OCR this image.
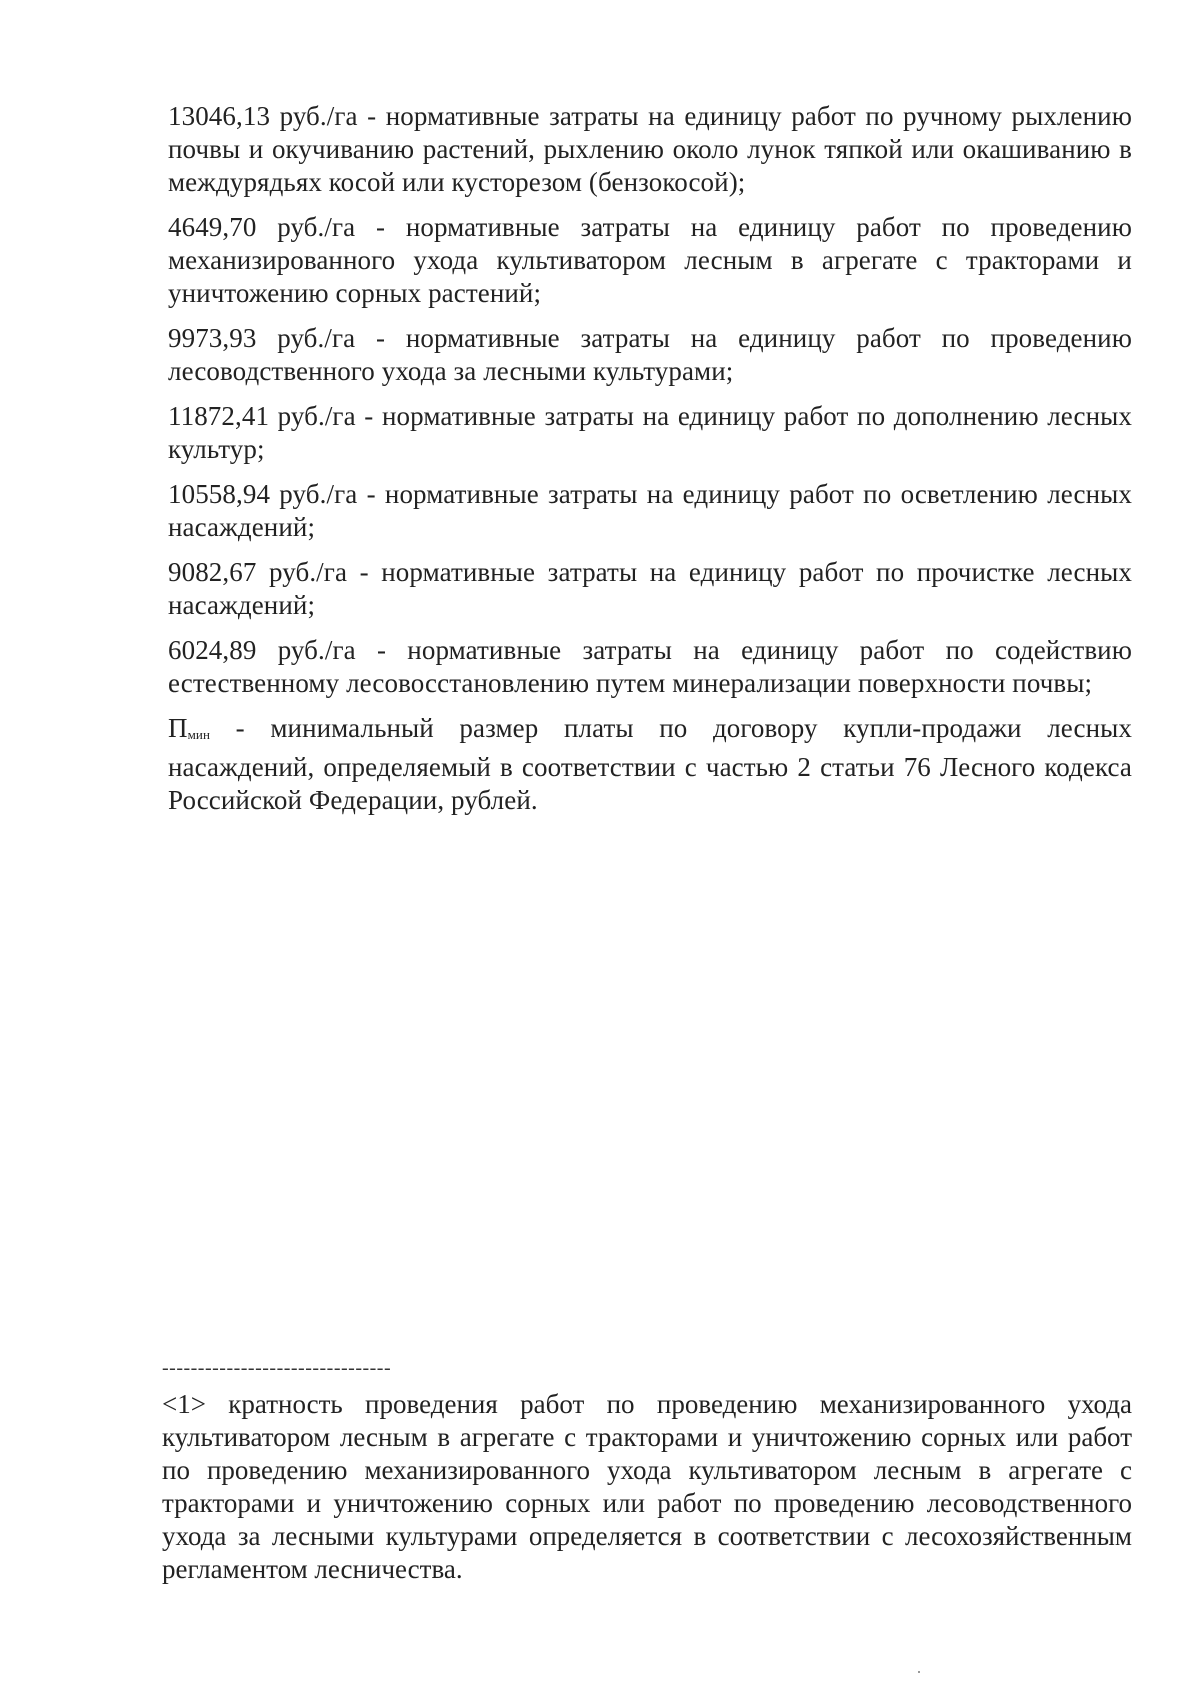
13046,13 руб./га - нормативные затраты на единицу работ по ручному рыхлению почвы и окучиванию растений, рыхлению около лунок тяпкой или окашиванию в междурядьях косой или кусторезом (бензокосой);

4649,70 руб./га - нормативные затраты на единицу работ по проведению механизированного ухода культиватором лесным в агрегате с тракторами и уничтожению сорных растений;

9973,93 руб./га - нормативные затраты на единицу работ по проведению лесоводственного ухода за лесными культурами;

11872,41 руб./га - нормативные затраты на единицу работ по дополнению лесных культур;

10558,94 руб./га - нормативные затраты на единицу работ по осветлению лесных насаждений;

9082,67 руб./га - нормативные затраты на единицу работ по прочистке лесных насаждений;

6024,89 руб./га - нормативные затраты на единицу работ по содействию естественному лесовосстановлению путем минерализации поверхности почвы;

$П_{мин}$ - минимальный размер платы по договору купли-продажи лесных насаждений, определяемый в соответствии с частью 2 статьи 76 Лесного кодекса Российской Федерации, рублей.

--------------------------------

<1> кратность проведения работ по проведению механизированного ухода культиватором лесным в агрегате с тракторами и уничтожению сорных или работ по проведению механизированного ухода культиватором лесным в агрегате с тракторами и уничтожению сорных или работ по проведению лесоводственного ухода за лесными культурами определяется в соответствии с лесохозяйственным регламентом лесничества.
